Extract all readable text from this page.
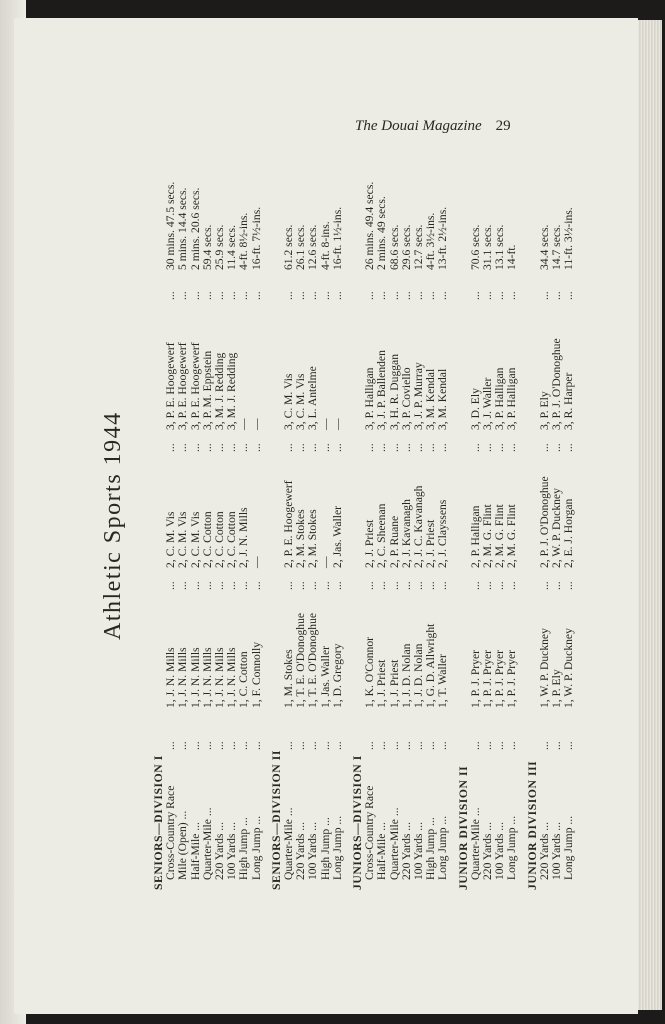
The Douai Magazine 29
Athletic Sports 1944
SENIORS—DIVISION I
...
...
...
...
Cross-Country Race
1, J. N. Mills
2, C. M. Vis
3, P. E. Hoogewerf
30 mins. 47.5 secs.
...
...
...
...
Mile (Open) ...
1, J. N. Mills
2, C. M. Vis
3, P. E. Hoogewerf
5 mins. 14.4 secs.
...
...
...
...
Half-Mile ...
1, J. N. Mills
2, C. M. Vis
3, P. E. Hoogewerf
2 mins. 20.6 secs.
...
...
...
...
Quarter-Mile ...
1, J. N. Mills
2, C. Cotton
3, P. M. Eppstein
59.4 secs.
...
...
...
...
220 Yards ...
1, J. N. Mills
2, C. Cotton
3, M. J. Redding
25.9 secs.
...
...
...
...
100 Yards ...
1, J. N. Mills
2, C. Cotton
3, M. J. Redding
11.4 secs.
...
...
...
...
High Jump ...
1, C. Cotton
2, J. N. Mills
—
4-ft. 8½-ins.
...
...
...
...
Long Jump ...
1, F. Connolly
—
—
16-ft. 7½-ins.
SENIORS—DIVISION II
...
...
...
...
Quarter-Mile ...
1, M. Stokes
2, P. E. Hoogewerf
3, C. M. Vis
61.2 secs.
...
...
...
...
220 Yards ...
1, T. E. O'Donoghue
2, M. Stokes
3, C. M. Vis
26.1 secs.
...
...
...
...
100 Yards ...
1, T. E. O'Donoghue
2, M. Stokes
3, L. Antelme
12.6 secs.
...
...
...
...
High Jump ...
1, Jas. Waller
—
—
4-ft. 8-ins.
...
...
...
...
Long Jump ...
1, D. Gregory
2, Jas. Waller
—
16-ft. 1½-ins.
JUNIORS—DIVISION I
...
...
...
...
Cross-Country Race
1, K. O'Connor
2, J. Priest
3, P. Halligan
26 mins. 49.4 secs.
...
...
...
...
Half-Mile ...
1, J. Priest
2, C. Sheenan
3, J. P. Ballenden
2 mins. 49 secs.
...
...
...
...
Quarter-Mile ...
1, J. Priest
2, P. Ruane
3, H. R. Duggan
68.6 secs.
...
...
...
...
220 Yards ...
1, J. D. Nolan
2, J. Kavanagh
3, P. Coviello
29.6 secs.
...
...
...
...
100 Yards ...
1, J. D. Nolan
2, J. C. Kavanagh
3, J. P. Murray
12.7 secs.
...
...
...
...
High Jump ...
1, G. D. Allwright
2, J. Priest
3, M. Kendal
4-ft. 3½-ins.
...
...
...
...
Long Jump ...
1, T. Waller
2, J. Clayssens
3, M. Kendal
13-ft. 2½-ins.
JUNIOR DIVISION II
...
...
...
...
Quarter-Mile ...
1, P. J. Pryer
2, P. Halligan
3, D. Ely
70.6 secs.
...
...
...
...
220 Yards ...
1, P. J. Pryer
2, M. G. Flint
3, J. Waller
31.1 secs.
...
...
...
...
100 Yards ...
1, P. J. Pryer
2, M. G. Flint
3, P. Halligan
13.1 secs.
...
...
...
...
Long Jump ...
1, P. J. Pryer
2, M. G. Flint
3, P. Halligan
14-ft.
JUNIOR DIVISION III
...
...
...
...
220 Yards ...
1, W. P. Duckney
2, P. J. O'Donoghue
3, P. Ely
34.4 secs.
...
...
...
...
100 Yards ...
1, P. Ely
2, W. P. Duckney
3, P. J. O'Donoghue
14.7 secs.
...
...
...
...
Long Jump ...
1, W. P. Duckney
2, E. J. Horgan
3, R. Harper
11-ft. 3½-ins.
